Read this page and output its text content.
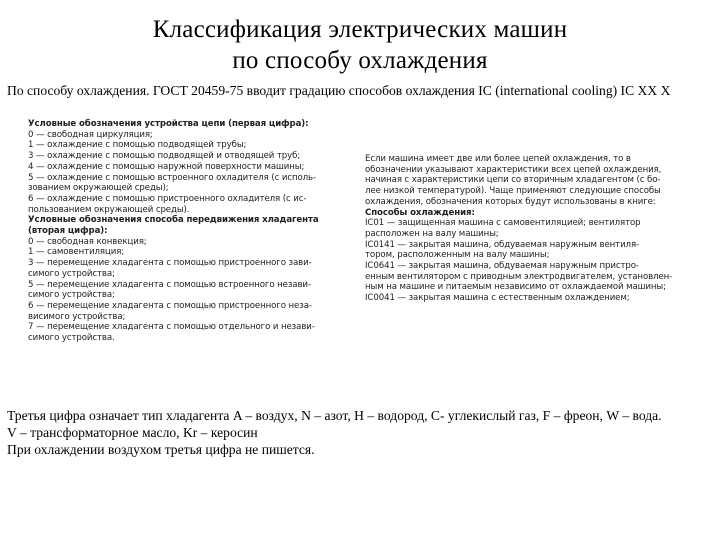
Классификация электрических машин
по способу охлаждения
По способу охлаждения. ГОСТ 20459-75 вводит градацию способов охлаждения IC (international cooling) IC XX X
Условные обозначения устройства цепи (первая цифра):
0 — свободная циркуляция;
1 — охлаждение с помощью подводящей трубы;
3 — охлаждение с помощью подводящей и отводящей труб;
4 — охлаждение с помощью наружной поверхности машины;
5 — охлаждение с помощью встроенного охладителя (с исполь-
зованием окружающей среды);
6 — охлаждение с помощью пристроенного охладителя (с ис-
пользованием окружающей среды).
Условные обозначения способа передвижения хладагента
(вторая цифра):
0 — свободная конвекция;
1 — самовентиляция;
3 — перемещение хладагента с помощью пристроенного зави-
симого устройства;
5 — перемещение хладагента с помощью встроенного незави-
симого устройства;
6 — перемещение хладагента с помощью пристроенного неза-
висимого устройства;
7 — перемещение хладагента с помощью отдельного и незави-
симого устройства.
Если машина имеет две или более цепей охлаждения, то в
обозначении указывают характеристики всех цепей охлаждения,
начиная с характеристики цепи со вторичным хладагентом (с бо-
лее низкой температурой). Чаще применяют следующие способы
охлаждения, обозначения которых будут использованы в книге:
Способы охлаждения:
IC01 — защищенная машина с самовентиляцией; вентилятор
расположен на валу машины;
IC0141 — закрытая машина, обдуваемая наружным вентиля-
тором, расположенным на валу машины;
IC0641 — закрытая машина, обдуваемая наружным пристро-
енным вентилятором с приводным электродвигателем, установлен-
ным на машине и питаемым независимо от охлаждаемой машины;
IC0041 — закрытая машина с естественным охлаждением;
Третья цифра означает тип хладагента A – воздух, N – азот, H – водород, C- углекислый газ, F – фреон, W – вода.
V – трансформаторное масло, Kr – керосин
При охлаждении воздухом третья цифра не пишется.
